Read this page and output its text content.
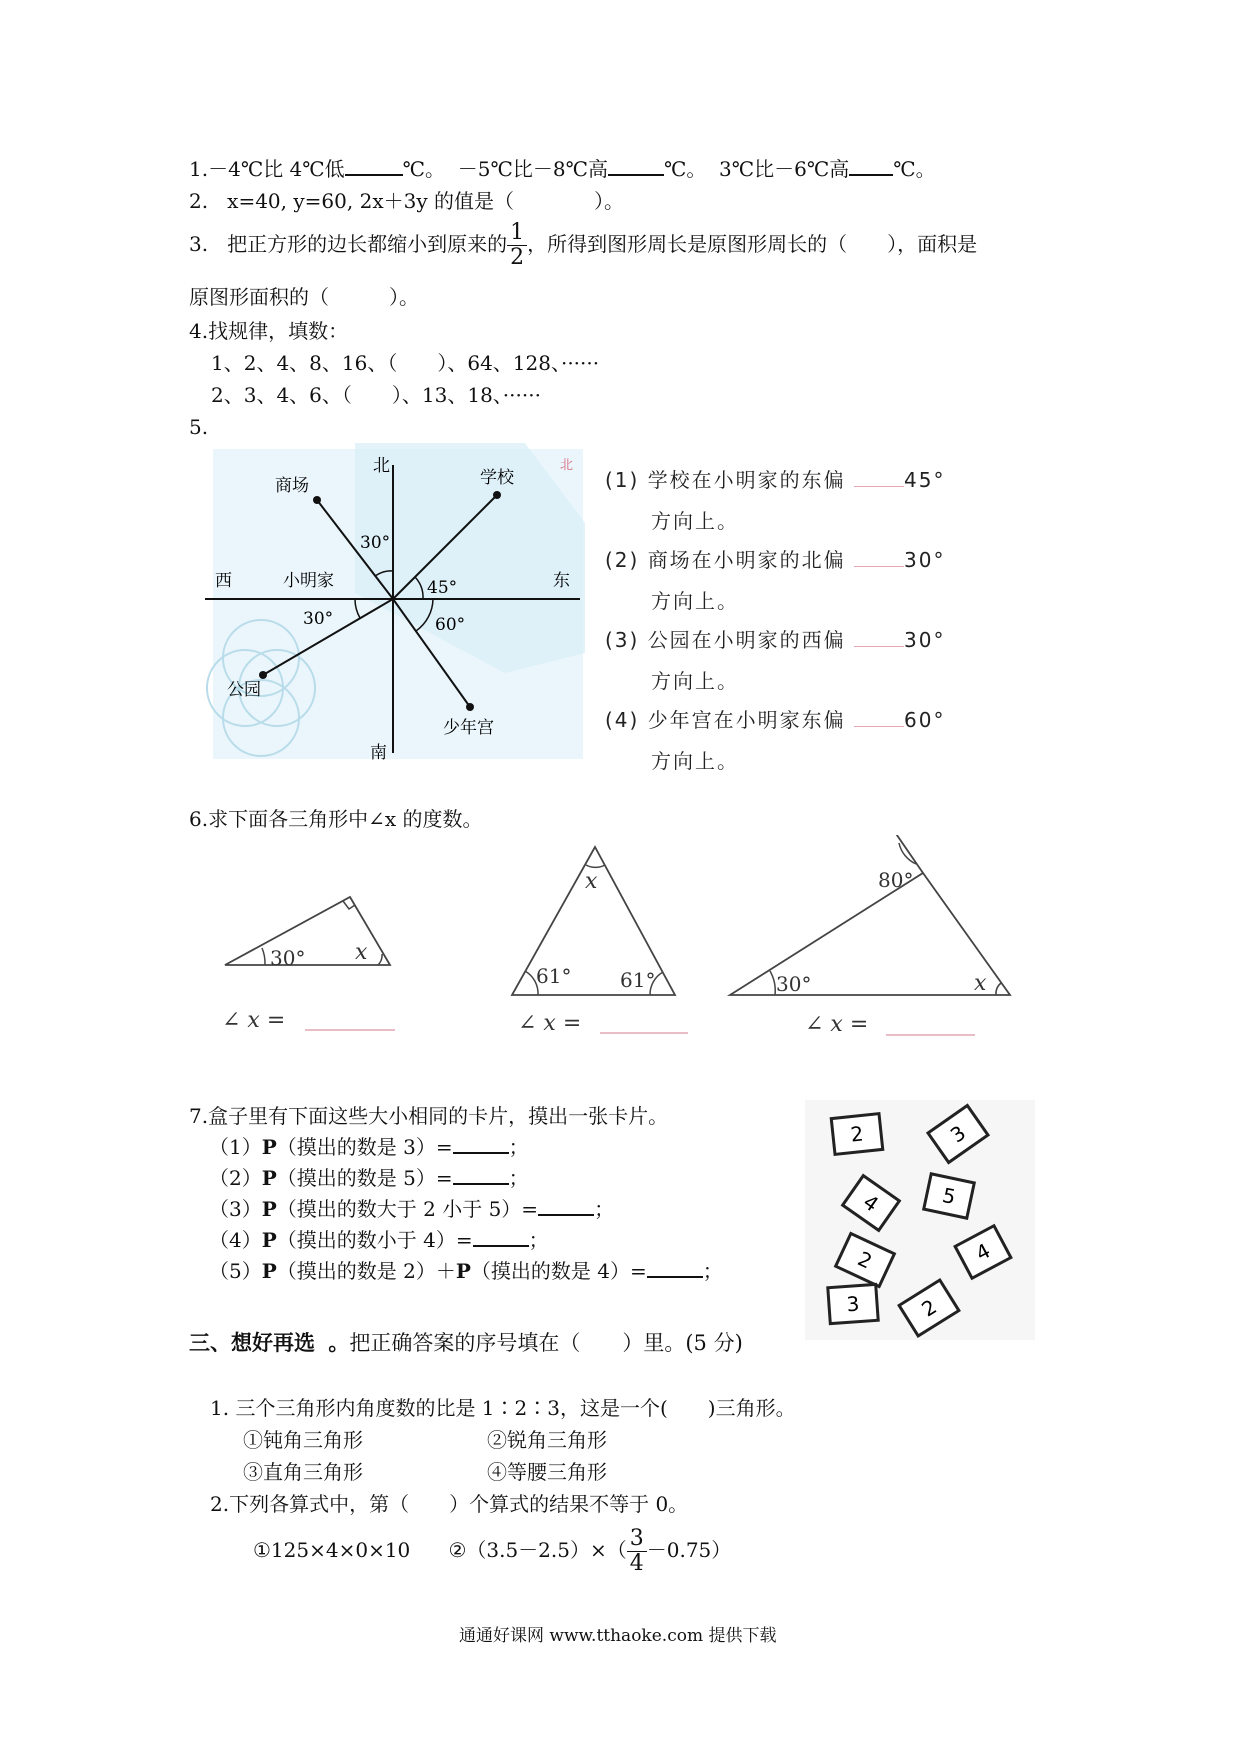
1.－4℃比 4℃低	℃。 －5℃比－8℃高	℃。 3℃比－6℃高 ℃。
2. x=40, y=60, 2x＋3y 的值是（　　　　）。
3. 把正方形的边长都缩小到原来的 $\frac{1}{2}$ ，所得到图形周长是原图形周长的（　　），面积是
原图形面积的（　　　）。
4.找规律，填数：
1、2、4、8、16、（　　）、64、128、······
2、3、4、6、（　　）、13、18、······
5.
北	北
南
西	东
商场	学校
小明家
公园
少年宫
30°
45°
30°	60°
(1) 学校在小明家的东偏	45°
方向上。
(2) 商场在小明家的北偏	30°
方向上。
(3) 公园在小明家的西偏	30°
方向上。
(4) 少年宫在小明家东偏	60°
方向上。
6.求下面各三角形中∠x 的度数。
30° x
∠ x =
x
61° 61°
∠ x =
80°
30°	x
∠ x =
7.盒子里有下面这些大小相同的卡片，摸出一张卡片。
（1）P（摸出的数是 3）=	；
（2）P（摸出的数是 5）=	；
（3）P（摸出的数大于 2 小于 5）=	；
（4）P（摸出的数小于 4）=	；
（5）P（摸出的数是 2）＋P（摸出的数是 4）=	；
2	3
4	5
2	4
3	2
三、想好再选 。把正确答案的序号填在（　　）里。(5 分)
1. 三个三角形内角度数的比是 1∶2∶3，这是一个(　　)三角形。
①钝角三角形	②锐角三角形
③直角三角形	④等腰三角形
2.下列各算式中，第（　　）个算式的结果不等于 0。
①125×4×0×10 ②（3.5－2.5）×（ $\frac{3}{4} -0.75$）
通通好课网 www.tthaoke.com 提供下载
